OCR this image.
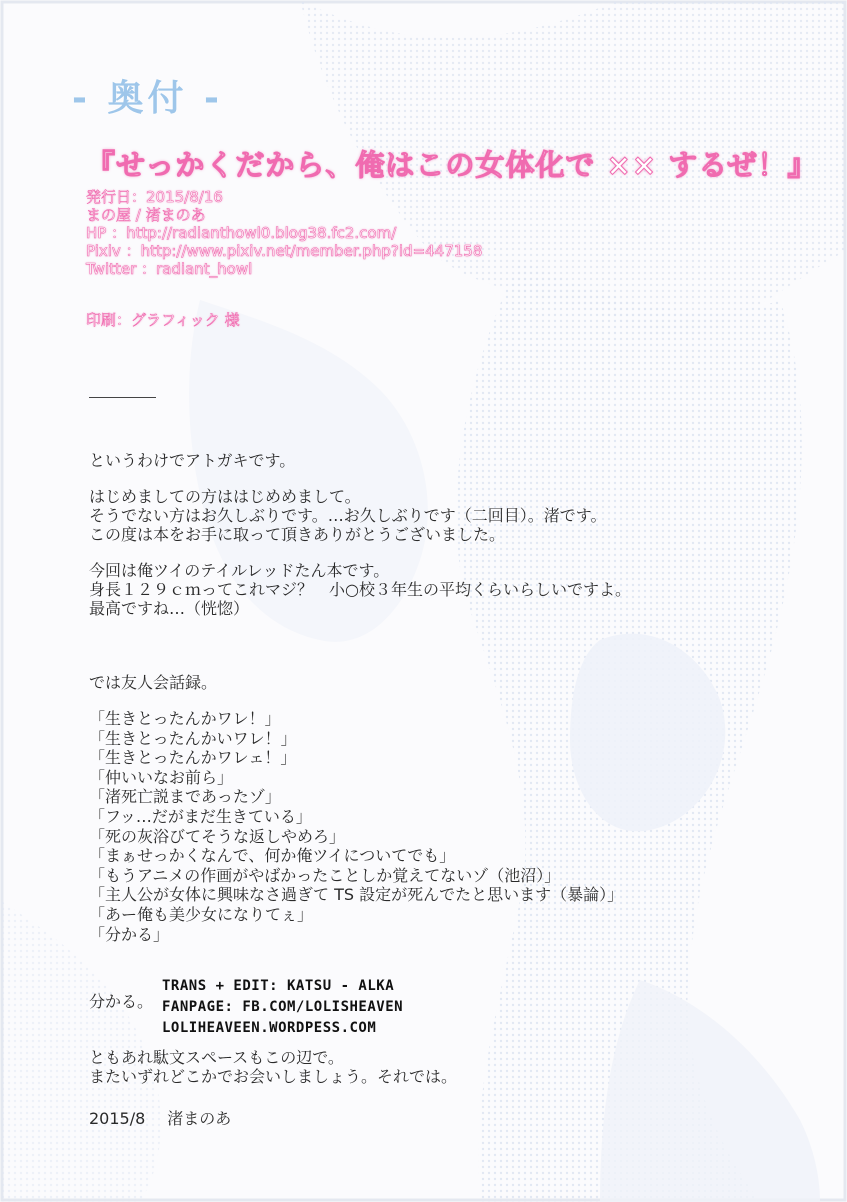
- 奥付 -
『せっかくだから、俺はこの女体化で ×× するぜ！』
発行日：2015/8/16
まの屋 / 渚まのあ
HP ：http://radianthowl0.blog38.fc2.com/
Pixiv ：http://www.pixiv.net/member.php?id=447158
Twitter ：radiant_howl
印刷：グラフィック 様
というわけでアトガキです。
はじめましての方ははじめめまして。
そうでない方はお久しぶりです。…お久しぶりです（二回目）。渚です。
この度は本をお手に取って頂きありがとうございました。
今回は俺ツイのテイルレッドたん本です。
身長１２９ｃｍってこれマジ？　小○校３年生の平均くらいらしいですよ。
最高ですね…（恍惚）
では友人会話録。
「生きとったんかワレ！」
「生きとったんかいワレ！」
「生きとったんかワレェ！」
「仲いいなお前ら」
「渚死亡説まであったゾ」
「フッ…だがまだ生きている」
「死の灰浴びてそうな返しやめろ」
「まぁせっかくなんで、何か俺ツイについてでも」
「もうアニメの作画がやばかったことしか覚えてないゾ（池沼）」
「主人公が女体に興味なさ過ぎて TS 設定が死んでたと思います（暴論）」
「あー俺も美少女になりてぇ」
「分かる」
分かる。
TRANS + EDIT: KATSU - ALKA
FANPAGE: FB.COM/LOLISHEAVEN
LOLIHEAVEEN.WORDPESS.COM
ともあれ駄文スペースもこの辺で。
またいずれどこかでお会いしましょう。それでは。
2015/8 渚まのあ
